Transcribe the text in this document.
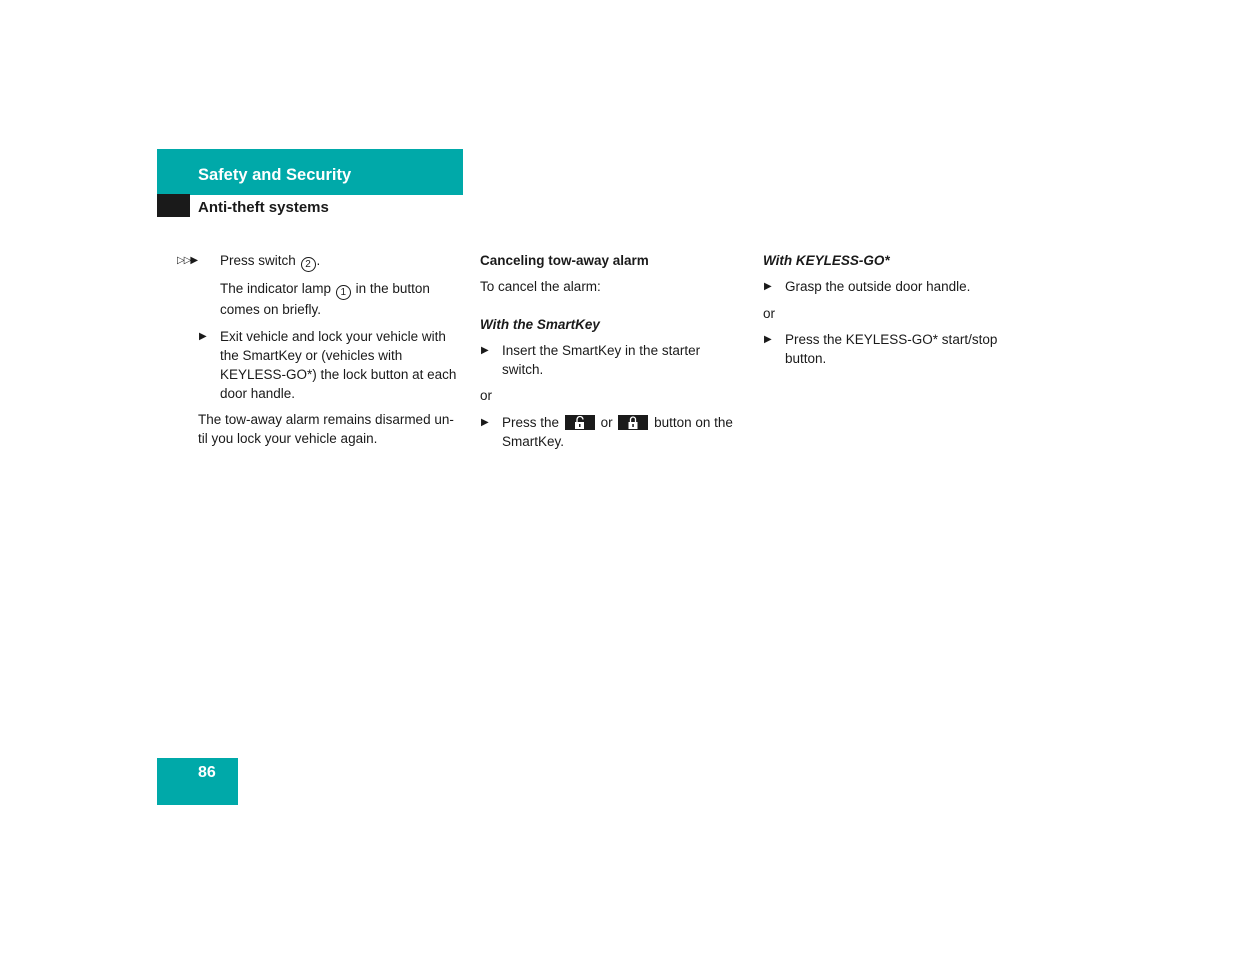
Safety and Security
Anti-theft systems
▷▷▶ Press switch 2 .

The indicator lamp 1 in the button
comes on briefly.

▶ Exit vehicle and lock your vehicle with
the SmartKey or (vehicles with
KEYLESS-GO*) the lock button at each
door handle.

The tow-away alarm remains disarmed un-
til you lock your vehicle again.

Canceling tow-away alarm

To cancel the alarm:

With the SmartKey

▶ Insert the SmartKey in the starter
switch.

or

▶ Press the	or	button on the
SmartKey.

With KEYLESS-GO*

▶ Grasp the outside door handle.

or

▶ Press the KEYLESS-GO* start/stop
button.

86
